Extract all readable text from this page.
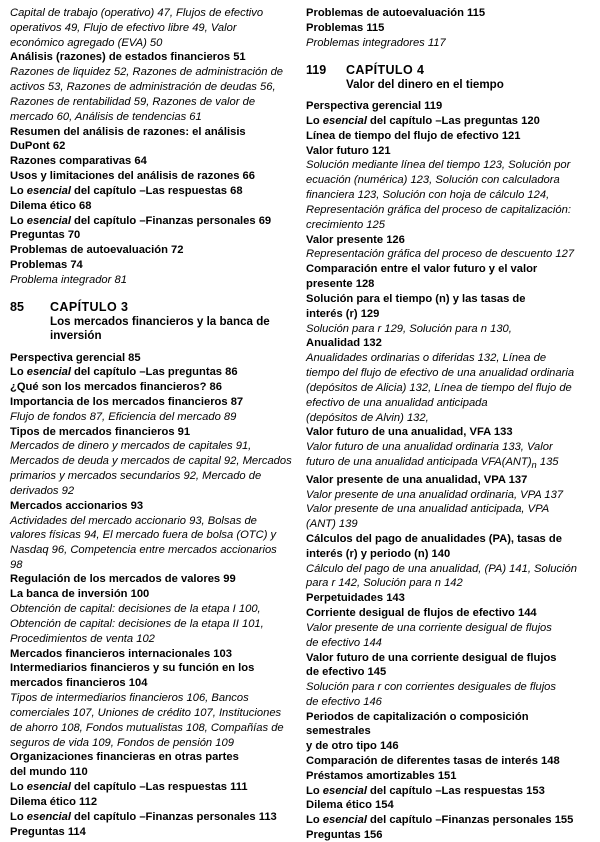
Capital de trabajo (operativo) 47, Flujos de efectivo
operativos 49, Flujo de efectivo libre 49, Valor
económico agregado (EVA) 50
Análisis (razones) de estados financieros 51
Razones de liquidez 52, Razones de administración de
activos 53, Razones de administración de deudas 56,
Razones de rentabilidad 59, Razones de valor de
mercado 60, Análisis de tendencias 61
Resumen del análisis de razones: el análisis
DuPont 62
Razones comparativas 64
Usos y limitaciones del análisis de razones 66
Lo esencial del capítulo –Las respuestas 68
Dilema ético 68
Lo esencial del capítulo –Finanzas personales 69
Preguntas 70
Problemas de autoevaluación 72
Problemas 74
Problema integrador 81
85	CAPÍTULO 3
Los mercados financieros y la banca de
inversión
Perspectiva gerencial 85
Lo esencial del capítulo –Las preguntas 86
¿Qué son los mercados financieros? 86
Importancia de los mercados financieros 87
Flujo de fondos 87, Eficiencia del mercado 89
Tipos de mercados financieros 91
Mercados de dinero y mercados de capitales 91,
Mercados de deuda y mercados de capital 92, Mercados
primarios y mercados secundarios 92, Mercado de
derivados 92
Mercados accionarios 93
Actividades del mercado accionario 93, Bolsas de
valores físicas 94, El mercado fuera de bolsa (OTC) y
Nasdaq 96, Competencia entre mercados accionarios 98
Regulación de los mercados de valores 99
La banca de inversión 100
Obtención de capital: decisiones de la etapa I 100,
Obtención de capital: decisiones de la etapa II 101,
Procedimientos de venta 102
Mercados financieros internacionales 103
Intermediarios financieros y su función en los
mercados financieros 104
Tipos de intermediarios financieros 106, Bancos
comerciales 107, Uniones de crédito 107, Instituciones
de ahorro 108, Fondos mutualistas 108, Compañías de
seguros de vida 109, Fondos de pensión 109
Organizaciones financieras en otras partes
del mundo 110
Lo esencial del capítulo –Las respuestas 111
Dilema ético 112
Lo esencial del capítulo –Finanzas personales 113
Preguntas 114
Problemas de autoevaluación 115
Problemas 115
Problemas integradores 117
119	CAPÍTULO 4
Valor del dinero en el tiempo
Perspectiva gerencial 119
Lo esencial del capítulo –Las preguntas 120
Línea de tiempo del flujo de efectivo 121
Valor futuro 121
Solución mediante línea del tiempo 123, Solución por
ecuación (numérica) 123, Solución con calculadora
financiera 123, Solución con hoja de cálculo 124,
Representación gráfica del proceso de capitalización:
crecimiento 125
Valor presente 126
Representación gráfica del proceso de descuento 127
Comparación entre el valor futuro y el valor
presente 128
Solución para el tiempo (n) y las tasas de
interés (r) 129
Solución para r 129, Solución para n 130,
Anualidad 132
Anualidades ordinarias o diferidas 132, Línea de
tiempo del flujo de efectivo de una anualidad ordinaria
(depósitos de Alicia) 132, Línea de tiempo del flujo de
efectivo de una anualidad anticipada
(depósitos de Alvin) 132,
Valor futuro de una anualidad, VFA 133
Valor futuro de una anualidad ordinaria 133, Valor
futuro de una anualidad anticipada $VFA(ANT)_n$ 135
Valor presente de una anualidad, VPA 137
Valor presente de una anualidad ordinaria, VPA 137
Valor presente de una anualidad anticipada, VPA
(ANT) 139
Cálculos del pago de anualidades (PA), tasas de
interés (r) y periodo (n) 140
Cálculo del pago de una anualidad, (PA) 141, Solución
para r 142, Solución para n 142
Perpetuidades 143
Corriente desigual de flujos de efectivo 144
Valor presente de una corriente desigual de flujos
de efectivo 144
Valor futuro de una corriente desigual de flujos
de efectivo 145
Solución para r con corrientes desiguales de flujos
de efectivo 146
Periodos de capitalización o composición semestrales
y de otro tipo 146
Comparación de diferentes tasas de interés 148
Préstamos amortizables 151
Lo esencial del capítulo –Las respuestas 153
Dilema ético 154
Lo esencial del capítulo –Finanzas personales 155
Preguntas 156
